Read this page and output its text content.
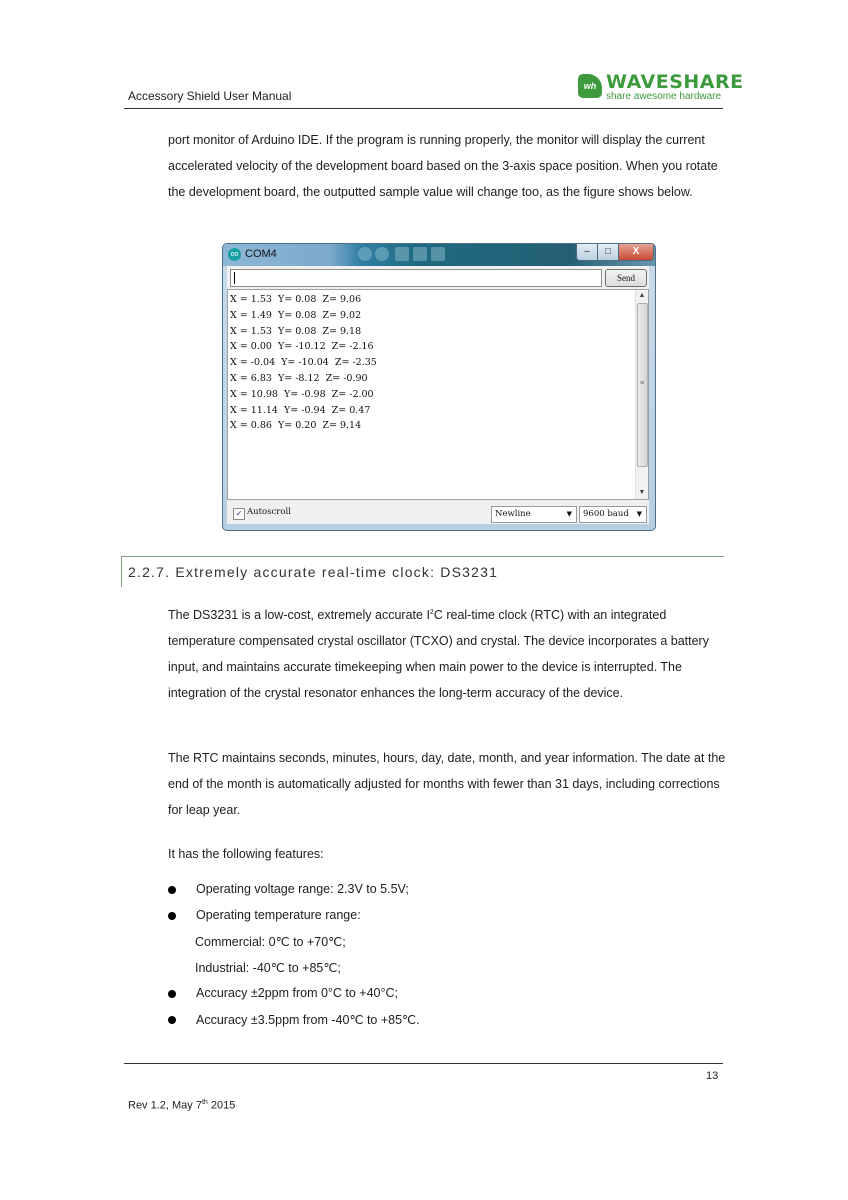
Accessory Shield User Manual
wh WAVESHARE
share awesome hardware
port monitor of Arduino IDE. If the program is running properly, the monitor will display the current accelerated velocity of the development board based on the 3-axis space position. When you rotate the development board, the outputted sample value will change too, as the figure shows below.
oo COM4	–	□	X
Send
X = 1.53  Y= 0.08  Z= 9.06
X = 1.49  Y= 0.08  Z= 9.02
X = 1.53  Y= 0.08  Z= 9.18
X = 0.00  Y= -10.12  Z= -2.16
X = -0.04  Y= -10.04  Z= -2.35
X = 6.83  Y= -8.12  Z= -0.90
X = 10.98  Y= -0.98  Z= -2.00
X = 11.14  Y= -0.94  Z= 0.47
X = 0.86  Y= 0.20  Z= 9.14
▲
≡
▼
✓ Autoscroll	Newline	▼ 9600 baud ▼
2.2.7. Extremely accurate real-time clock: DS3231
The DS3231 is a low-cost, extremely accurate $I^2C$ real-time clock (RTC) with an integrated temperature compensated crystal oscillator (TCXO) and crystal. The device incorporates a battery input, and maintains accurate timekeeping when main power to the device is interrupted. The integration of the crystal resonator enhances the long-term accuracy of the device.
The RTC maintains seconds, minutes, hours, day, date, month, and year information. The date at the end of the month is automatically adjusted for months with fewer than 31 days, including corrections for leap year.
It has the following features:
Operating voltage range: 2.3V to 5.5V;
Operating temperature range:
Commercial: 0℃ to +70℃;
Industrial: -40℃ to +85℃;
Accuracy ±2ppm from 0°C to +40°C;
Accuracy ±3.5ppm from -40℃ to +85℃.
13
Rev 1.2, May 7th 2015
